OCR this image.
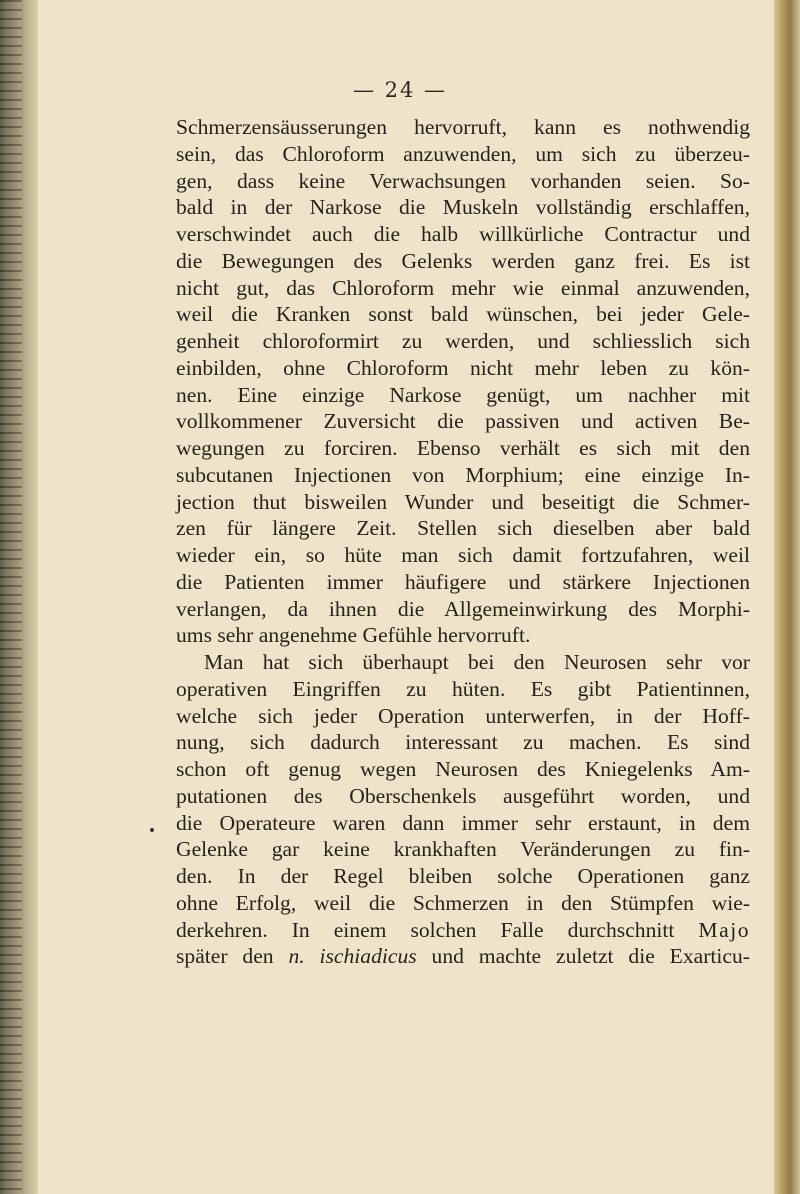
— 24 —
Schmerzensäusserungen hervorruft, kann es nothwendig
sein, das Chloroform anzuwenden, um sich zu überzeu-
gen, dass keine Verwachsungen vorhanden seien. So-
bald in der Narkose die Muskeln vollständig erschlaffen,
verschwindet auch die halb willkürliche Contractur und
die Bewegungen des Gelenks werden ganz frei. Es ist
nicht gut, das Chloroform mehr wie einmal anzuwenden,
weil die Kranken sonst bald wünschen, bei jeder Gele-
genheit chloroformirt zu werden, und schliesslich sich
einbilden, ohne Chloroform nicht mehr leben zu kön-
nen. Eine einzige Narkose genügt, um nachher mit
vollkommener Zuversicht die passiven und activen Be-
wegungen zu forciren. Ebenso verhält es sich mit den
subcutanen Injectionen von Morphium; eine einzige In-
jection thut bisweilen Wunder und beseitigt die Schmer-
zen für längere Zeit. Stellen sich dieselben aber bald
wieder ein, so hüte man sich damit fortzufahren, weil
die Patienten immer häufigere und stärkere Injectionen
verlangen, da ihnen die Allgemeinwirkung des Morphi-
ums sehr angenehme Gefühle hervorruft.
Man hat sich überhaupt bei den Neurosen sehr vor
operativen Eingriffen zu hüten. Es gibt Patientinnen,
welche sich jeder Operation unterwerfen, in der Hoff-
nung, sich dadurch interessant zu machen. Es sind
schon oft genug wegen Neurosen des Kniegelenks Am-
putationen des Oberschenkels ausgeführt worden, und
die Operateure waren dann immer sehr erstaunt, in dem
Gelenke gar keine krankhaften Veränderungen zu fin-
den. In der Regel bleiben solche Operationen ganz
ohne Erfolg, weil die Schmerzen in den Stümpfen wie-
derkehren. In einem solchen Falle durchschnitt Majo
später den n. ischiadicus und machte zuletzt die Exarticu-
